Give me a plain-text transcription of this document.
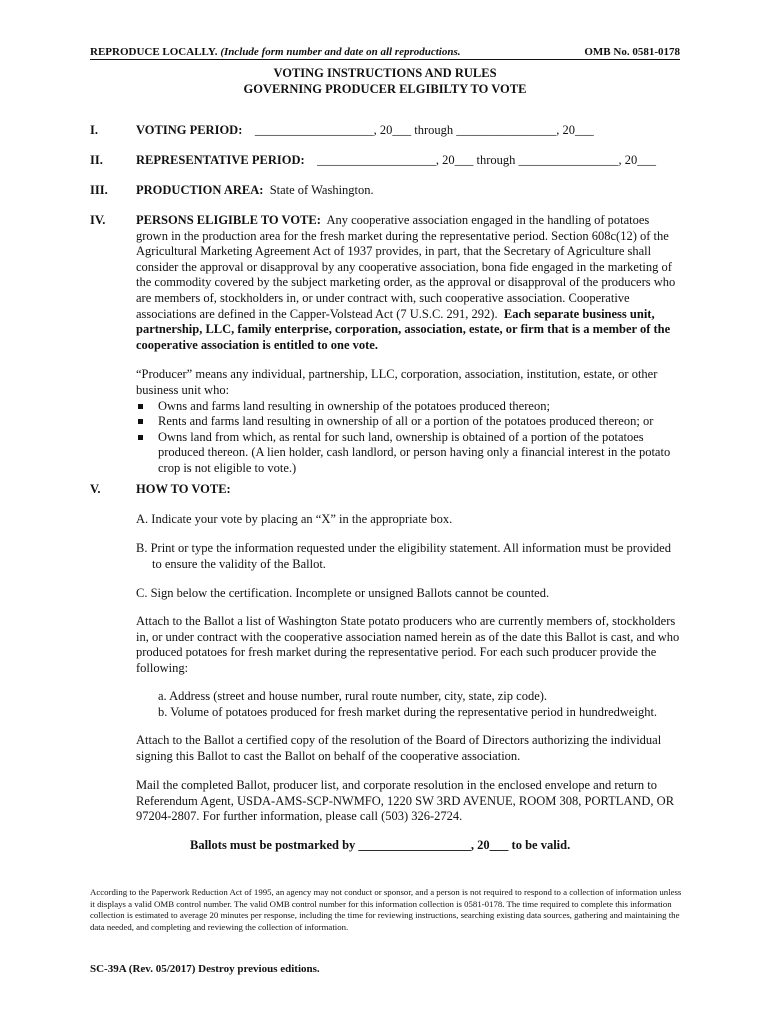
REPRODUCE LOCALLY. (Include form number and date on all reproductions.	OMB No. 0581-0178
VOTING INSTRUCTIONS AND RULES
GOVERNING PRODUCER ELGIBILTY TO VOTE
I.	VOTING PERIOD: ___________________, 20___ through ________________, 20___
II.	REPRESENTATIVE PERIOD: ___________________, 20___ through ________________, 20___
III. PRODUCTION AREA: State of Washington.
IV. PERSONS ELIGIBLE TO VOTE: Any cooperative association engaged in the handling of potatoes grown in the production area for the fresh market during the representative period. Section 608c(12) of the Agricultural Marketing Agreement Act of 1937 provides, in part, that the Secretary of Agriculture shall consider the approval or disapproval by any cooperative association, bona fide engaged in the marketing of the commodity covered by the subject marketing order, as the approval or disapproval of the producers who are members of, stockholders in, or under contract with, such cooperative association. Cooperative associations are defined in the Capper-Volstead Act (7 U.S.C. 291, 292). Each separate business unit, partnership, LLC, family enterprise, corporation, association, estate, or firm that is a member of the cooperative association is entitled to one vote.
“Producer” means any individual, partnership, LLC, corporation, association, institution, estate, or other business unit who:
Owns and farms land resulting in ownership of the potatoes produced thereon;
Rents and farms land resulting in ownership of all or a portion of the potatoes produced thereon; or
Owns land from which, as rental for such land, ownership is obtained of a portion of the potatoes produced thereon. (A lien holder, cash landlord, or person having only a financial interest in the potato crop is not eligible to vote.)
V.	HOW TO VOTE:
A. Indicate your vote by placing an “X” in the appropriate box.
B. Print or type the information requested under the eligibility statement. All information must be provided to ensure the validity of the Ballot.
C. Sign below the certification. Incomplete or unsigned Ballots cannot be counted.
Attach to the Ballot a list of Washington State potato producers who are currently members of, stockholders in, or under contract with the cooperative association named herein as of the date this Ballot is cast, and who produced potatoes for fresh market during the representative period. For each such producer provide the following:
a. Address (street and house number, rural route number, city, state, zip code).
b. Volume of potatoes produced for fresh market during the representative period in hundredweight.
Attach to the Ballot a certified copy of the resolution of the Board of Directors authorizing the individual signing this Ballot to cast the Ballot on behalf of the cooperative association.
Mail the completed Ballot, producer list, and corporate resolution in the enclosed envelope and return to Referendum Agent, USDA-AMS-SCP-NWMFO, 1220 SW 3RD AVENUE, ROOM 308, PORTLAND, OR 97204-2807. For further information, please call (503) 326-2724.
Ballots must be postmarked by __________________, 20___ to be valid.
According to the Paperwork Reduction Act of 1995, an agency may not conduct or sponsor, and a person is not required to respond to a collection of information unless it displays a valid OMB control number. The valid OMB control number for this information collection is 0581-0178. The time required to complete this information collection is estimated to average 20 minutes per response, including the time for reviewing instructions, searching existing data sources, gathering and maintaining the data needed, and completing and reviewing the collection of information.
SC-39A (Rev. 05/2017) Destroy previous editions.
